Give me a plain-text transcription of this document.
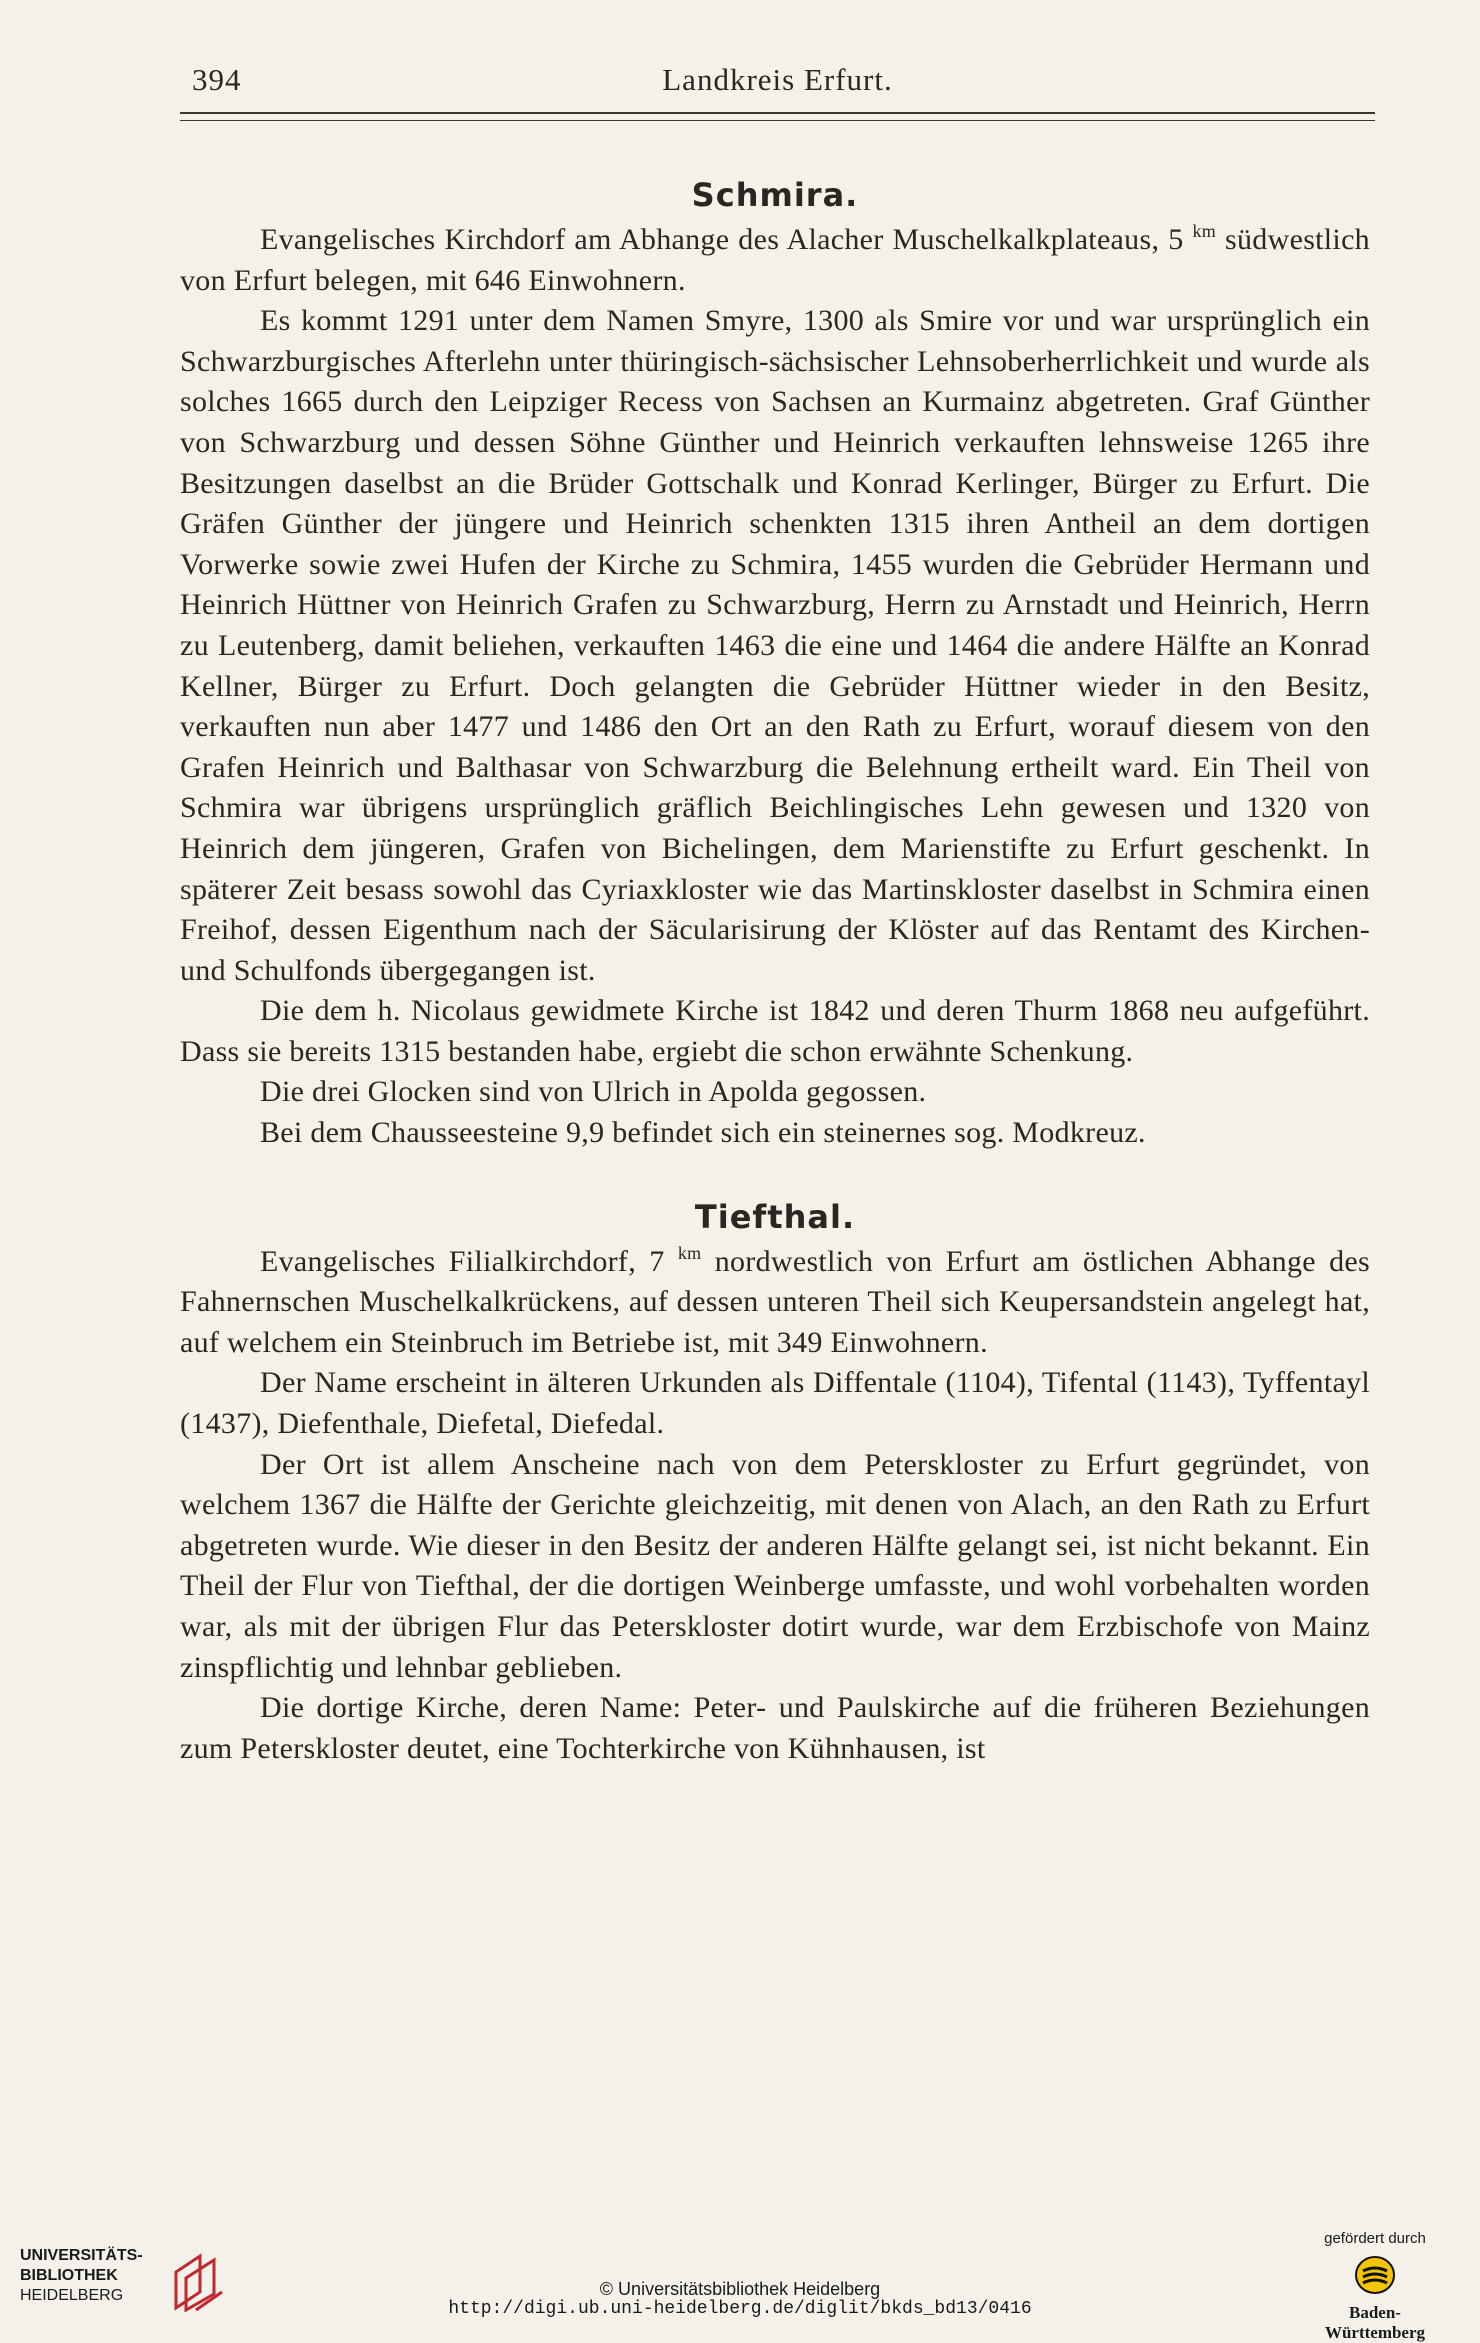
394	Landkreis Erfurt.
Schmira.

Evangelisches Kirchdorf am Abhange des Alacher Muschelkalkplateaus, 5 $^{km}$ südwestlich von Erfurt belegen, mit 646 Einwohnern.

Es kommt 1291 unter dem Namen Smyre, 1300 als Smire vor und war ursprünglich ein Schwarzburgisches Afterlehn unter thüringisch-sächsischer Lehnsoberherrlichkeit und wurde als solches 1665 durch den Leipziger Recess von Sachsen an Kurmainz abgetreten. Graf Günther von Schwarzburg und dessen Söhne Günther und Heinrich verkauften lehnsweise 1265 ihre Besitzungen daselbst an die Brüder Gottschalk und Konrad Kerlinger, Bürger zu Erfurt. Die Gräfen Günther der jüngere und Heinrich schenkten 1315 ihren Antheil an dem dortigen Vorwerke sowie zwei Hufen der Kirche zu Schmira, 1455 wurden die Gebrüder Hermann und Heinrich Hüttner von Heinrich Grafen zu Schwarzburg, Herrn zu Arnstadt und Heinrich, Herrn zu Leutenberg, damit beliehen, verkauften 1463 die eine und 1464 die andere Hälfte an Konrad Kellner, Bürger zu Erfurt. Doch gelangten die Gebrüder Hüttner wieder in den Besitz, verkauften nun aber 1477 und 1486 den Ort an den Rath zu Erfurt, worauf diesem von den Grafen Heinrich und Balthasar von Schwarzburg die Belehnung ertheilt ward. Ein Theil von Schmira war übrigens ursprünglich gräflich Beichlingisches Lehn gewesen und 1320 von Heinrich dem jüngeren, Grafen von Bichelingen, dem Marienstifte zu Erfurt geschenkt. In späterer Zeit besass sowohl das Cyriaxkloster wie das Martinskloster daselbst in Schmira einen Freihof, dessen Eigenthum nach der Säcularisirung der Klöster auf das Rentamt des Kirchen- und Schulfonds übergegangen ist.

Die dem h. Nicolaus gewidmete Kirche ist 1842 und deren Thurm 1868 neu aufgeführt. Dass sie bereits 1315 bestanden habe, ergiebt die schon erwähnte Schenkung.

Die drei Glocken sind von Ulrich in Apolda gegossen.

Bei dem Chausseesteine 9,9 befindet sich ein steinernes sog. Modkreuz.

Tiefthal.

Evangelisches Filialkirchdorf, 7 $^{km}$ nordwestlich von Erfurt am östlichen Abhange des Fahnernschen Muschelkalkrückens, auf dessen unteren Theil sich Keupersandstein angelegt hat, auf welchem ein Steinbruch im Betriebe ist, mit 349 Einwohnern.

Der Name erscheint in älteren Urkunden als Diffentale (1104), Tifental (1143), Tyffentayl (1437), Diefenthale, Diefetal, Diefedal.

Der Ort ist allem Anscheine nach von dem Peterskloster zu Erfurt gegründet, von welchem 1367 die Hälfte der Gerichte gleichzeitig, mit denen von Alach, an den Rath zu Erfurt abgetreten wurde. Wie dieser in den Besitz der anderen Hälfte gelangt sei, ist nicht bekannt. Ein Theil der Flur von Tiefthal, der die dortigen Weinberge umfasste, und wohl vorbehalten worden war, als mit der übrigen Flur das Peterskloster dotirt wurde, war dem Erzbischofe von Mainz zinspflichtig und lehnbar geblieben.

Die dortige Kirche, deren Name: Peter- und Paulskirche auf die früheren Beziehungen zum Peterskloster deutet, eine Tochterkirche von Kühnhausen, ist

UNIVERSITÄTS-
BIBLIOTHEK
HEIDELBERG	© Universitätsbibliothek Heidelberg
http://digi.ub.uni-heidelberg.de/diglit/bkds_bd13/0416
gefördert durch
Baden-Württemberg
